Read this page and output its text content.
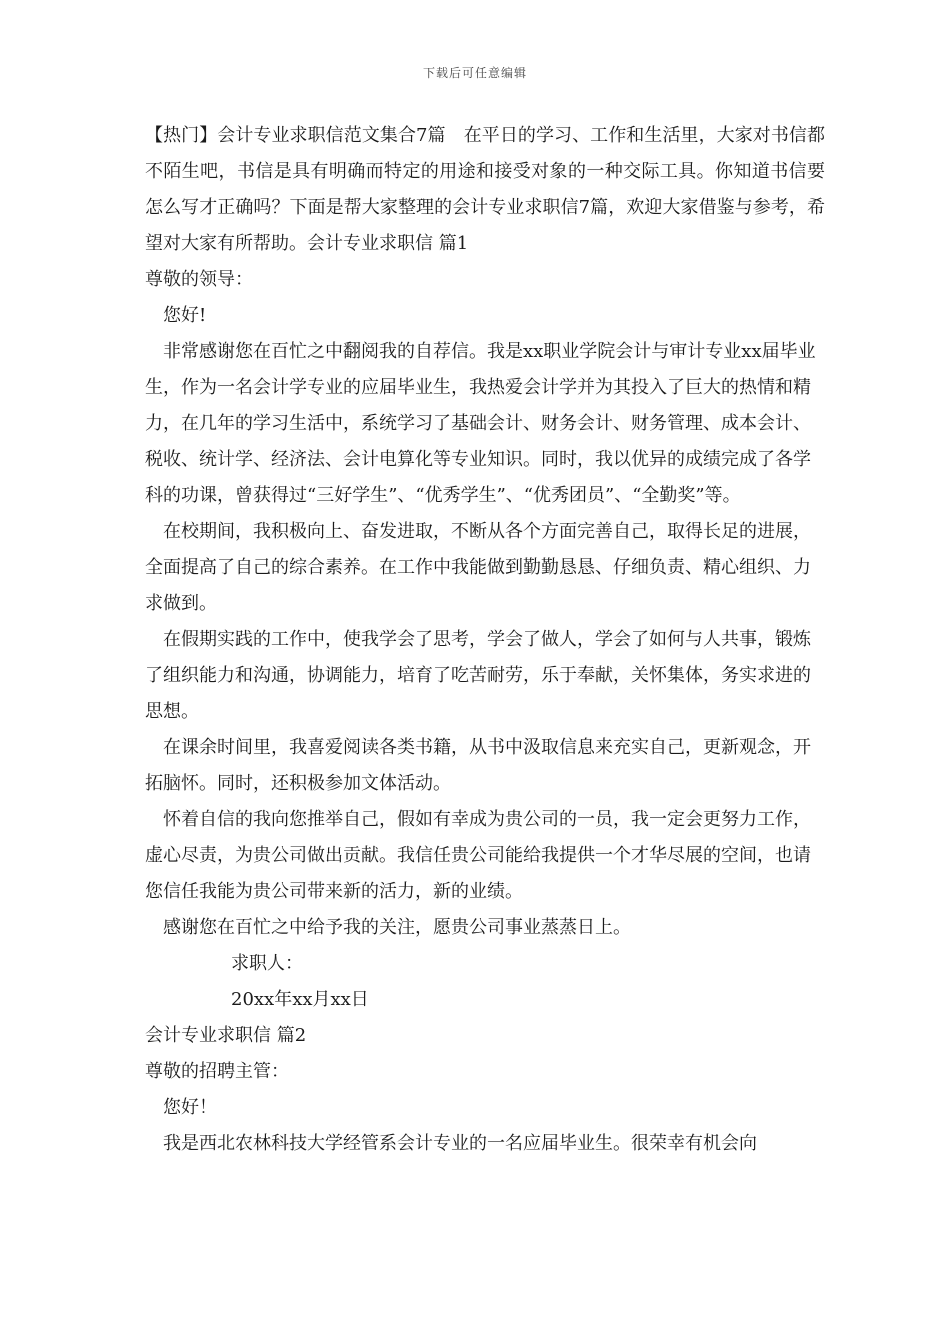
下载后可任意编辑

【热门】会计专业求职信范文集合7篇　在平日的学习、工作和生活里，大家对书信都不陌生吧，书信是具有明确而特定的用途和接受对象的一种交际工具。你知道书信要怎么写才正确吗？下面是帮大家整理的会计专业求职信7篇，欢迎大家借鉴与参考，希望对大家有所帮助。会计专业求职信 篇1

尊敬的领导：

您好!

非常感谢您在百忙之中翻阅我的自荐信。我是xx职业学院会计与审计专业xx届毕业生，作为一名会计学专业的应届毕业生，我热爱会计学并为其投入了巨大的热情和精力，在几年的学习生活中，系统学习了基础会计、财务会计、财务管理、成本会计、税收、统计学、经济法、会计电算化等专业知识。同时，我以优异的成绩完成了各学科的功课，曾获得过“三好学生”、“优秀学生”、“优秀团员”、“全勤奖”等。

在校期间，我积极向上、奋发进取，不断从各个方面完善自己，取得长足的进展，全面提高了自己的综合素养。在工作中我能做到勤勤恳恳、仔细负责、精心组织、力求做到。

在假期实践的工作中，使我学会了思考，学会了做人，学会了如何与人共事，锻炼了组织能力和沟通，协调能力，培育了吃苦耐劳，乐于奉献，关怀集体，务实求进的思想。

在课余时间里，我喜爱阅读各类书籍，从书中汲取信息来充实自己，更新观念，开拓脑怀。同时，还积极参加文体活动。

怀着自信的我向您推举自己，假如有幸成为贵公司的一员，我一定会更努力工作，虚心尽责，为贵公司做出贡献。我信任贵公司能给我提供一个才华尽展的空间，也请您信任我能为贵公司带来新的活力，新的业绩。

感谢您在百忙之中给予我的关注，愿贵公司事业蒸蒸日上。

求职人：

20xx年xx月xx日

会计专业求职信 篇2

尊敬的招聘主管：

您好！

我是西北农林科技大学经管系会计专业的一名应届毕业生。很荣幸有机会向
